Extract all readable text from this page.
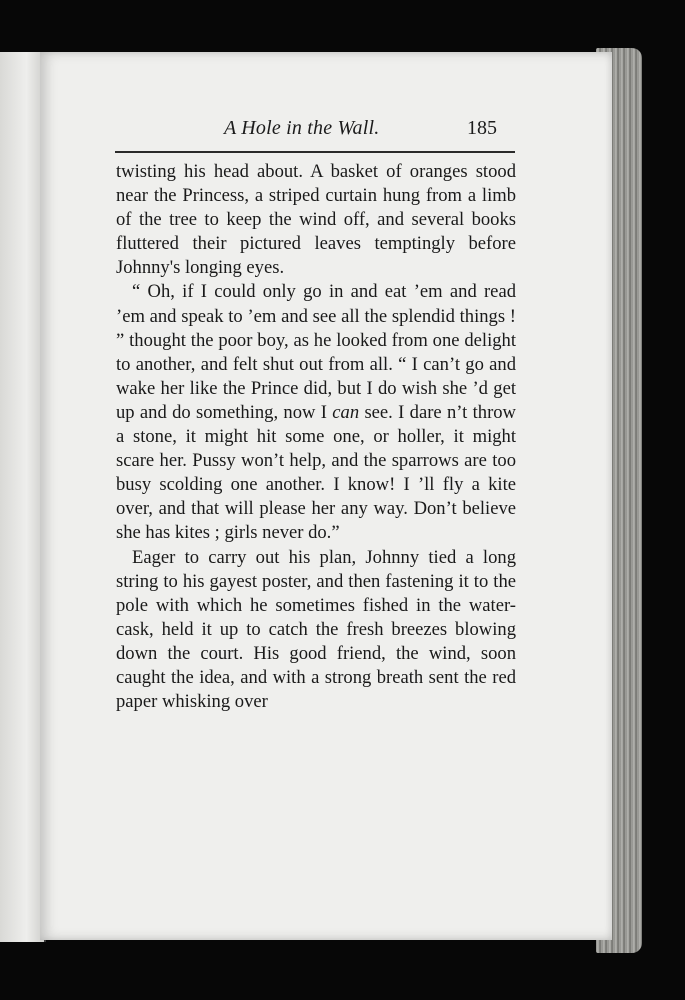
A Hole in the Wall.	185

twisting his head about. A basket of oranges stood near the Princess, a striped curtain hung from a limb of the tree to keep the wind off, and several books fluttered their pictured leaves temptingly before Johnny's longing eyes.

“ Oh, if I could only go in and eat ’em and read ’em and speak to ’em and see all the splendid things ! ” thought the poor boy, as he looked from one delight to another, and felt shut out from all. “ I can’t go and wake her like the Prince did, but I do wish she ’d get up and do something, now I can see. I dare n’t throw a stone, it might hit some one, or holler, it might scare her. Pussy won’t help, and the sparrows are too busy scolding one another. I know! I ’ll fly a kite over, and that will please her any way. Don’t believe she has kites ; girls never do.”

Eager to carry out his plan, Johnny tied a long string to his gayest poster, and then fastening it to the pole with which he sometimes fished in the water-cask, held it up to catch the fresh breezes blowing down the court. His good friend, the wind, soon caught the idea, and with a strong breath sent the red paper whisking over
